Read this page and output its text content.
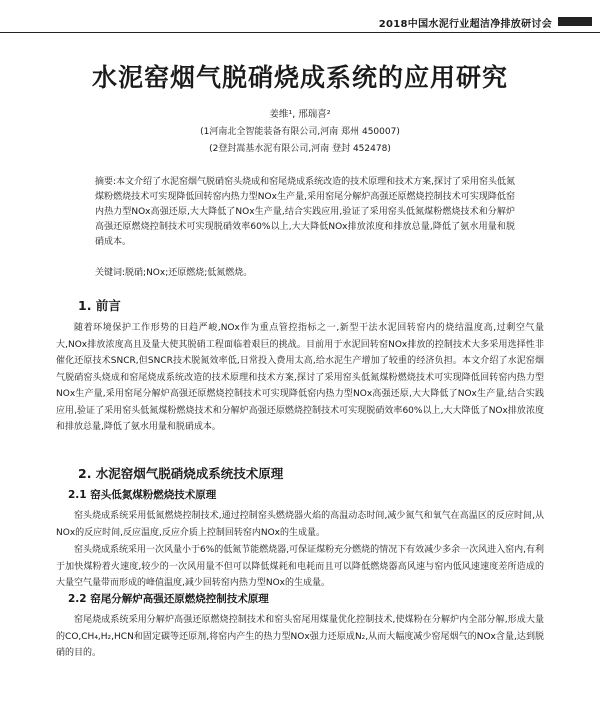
2018中国水泥行业超洁净排放研讨会
水泥窑烟气脱硝烧成系统的应用研究
姜维¹, 邢瑞喜²
(1河南北全智能装备有限公司,河南 郑州 450007)
(2登封嵩基水泥有限公司,河南 登封 452478)
摘要:本文介绍了水泥窑烟气脱硝窑头烧成和窑尾烧成系统改造的技术原理和技术方案,探讨了采用窑头低氮煤粉燃烧技术可实现降低回转窑内热力型NOx生产量,采用窑尾分解炉高强还原燃烧控制技术可实现降低窑内热力型NOx高强还原,大大降低了NOx生产量,结合实践应用,验证了采用窑头低氮煤粉燃烧技术和分解炉高强还原燃烧控制技术可实现脱硝效率60%以上,大大降低NOx排放浓度和排放总量,降低了氨水用量和脱硝成本。
关键词:脱硝;NOx;还原燃烧;低氮燃烧。
1. 前言
随着环境保护工作形势的日趋严峻,NOx作为重点管控指标之一,新型干法水泥回转窑内的烧结温度高,过剩空气量大,NOx排放浓度高且及量大使其脱硝工程面临着艰巨的挑战。目前用于水泥回转窑NOx排放的控制技术大多采用选择性非催化还原技术SNCR,但SNCR技术脱氮效率低,日常投入费用太高,给水泥生产增加了较重的经济负担。本文介绍了水泥窑烟气脱硝窑头烧成和窑尾烧成系统改造的技术原理和技术方案,探讨了采用窑头低氮煤粉燃烧技术可实现降低回转窑内热力型NOx生产量,采用窑尾分解炉高强还原燃烧控制技术可实现降低窑内热力型NOx高强还原,大大降低了NOx生产量,结合实践应用,验证了采用窑头低氮煤粉燃烧技术和分解炉高强还原燃烧控制技术可实现脱硝效率60%以上,大大降低了NOx排放浓度和排放总量,降低了氨水用量和脱硝成本。
2. 水泥窑烟气脱硝烧成系统技术原理
2.1 窑头低氮煤粉燃烧技术原理
窑头烧成系统采用低氮燃烧控制技术,通过控制窑头燃烧器火焰的高温动态时间,减少氮气和氧气在高温区的反应时间,从NOx的反应时间,反应温度,反应介质上控制回转窑内NOx的生成量。
窑头烧成系统采用一次风量小于6%的低氮节能燃烧器,可保证煤粉充分燃烧的情况下有效减少多余一次风进入窑内,有利于加快煤粉着火速度,较少的一次风用量不但可以降低煤耗和电耗而且可以降低燃烧器高风速与窑内低风速速度差所造成的大量空气量带而形成的峰值温度,减少回转窑内热力型NOx的生成量。
2.2 窑尾分解炉高强还原燃烧控制技术原理
窑尾烧成系统采用分解炉高强还原燃烧控制技术和窑头窑尾用煤量优化控制技术,使煤粉在分解炉内全部分解,形成大量的CO,CH₄,H₂,HCN和固定碳等还原剂,将窑内产生的热力型NOx强力还原成N₂,从而大幅度减少窑尾烟气的NOx含量,达到脱硝的目的。
